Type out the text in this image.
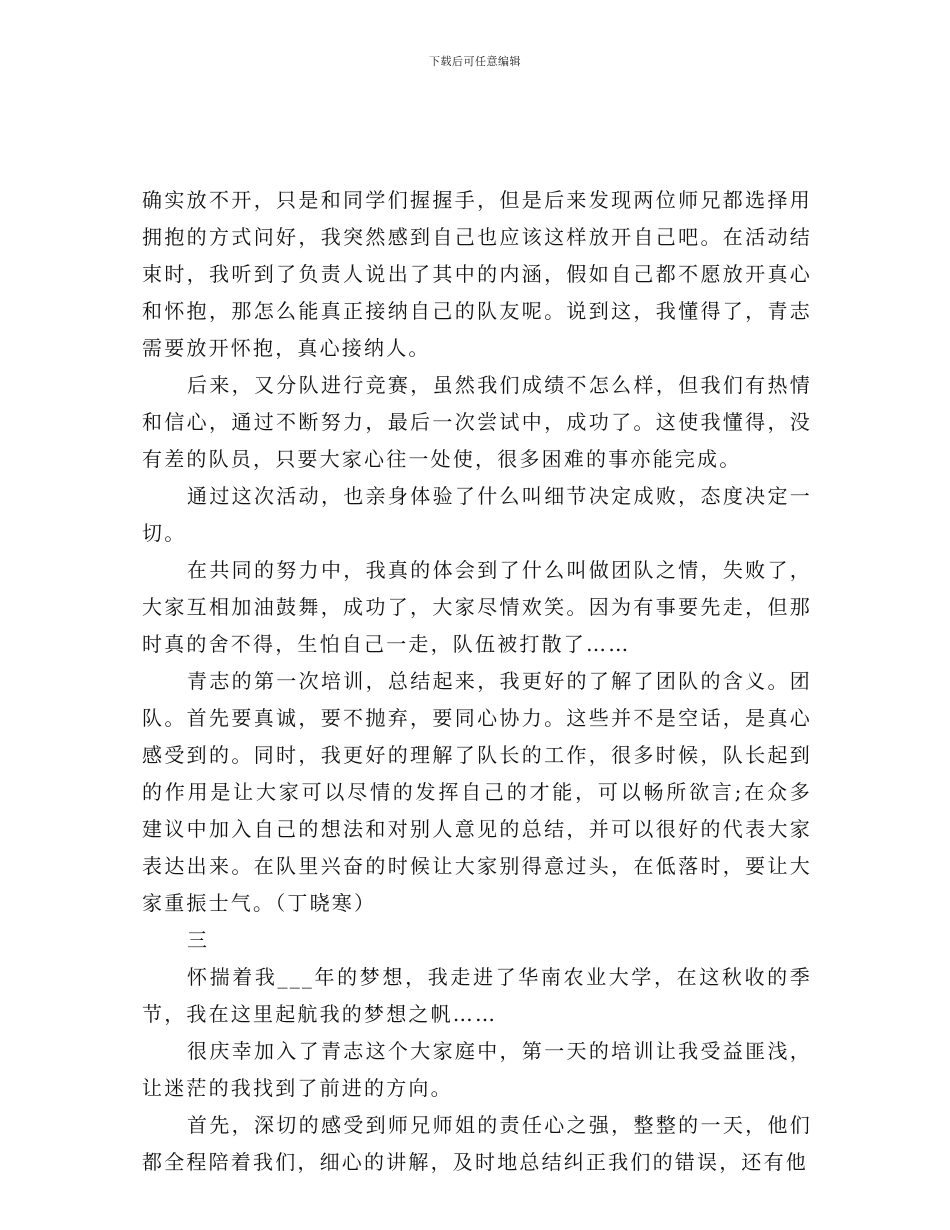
下载后可任意编辑

确实放不开，只是和同学们握握手，但是后来发现两位师兄都选择用拥抱的方式问好，我突然感到自己也应该这样放开自己吧。在活动结束时，我听到了负责人说出了其中的内涵，假如自己都不愿放开真心和怀抱，那怎么能真正接纳自己的队友呢。说到这，我懂得了，青志需要放开怀抱，真心接纳人。

后来，又分队进行竞赛，虽然我们成绩不怎么样，但我们有热情和信心，通过不断努力，最后一次尝试中，成功了。这使我懂得，没有差的队员，只要大家心往一处使，很多困难的事亦能完成。

通过这次活动，也亲身体验了什么叫细节决定成败，态度决定一切。

在共同的努力中，我真的体会到了什么叫做团队之情，失败了，大家互相加油鼓舞，成功了，大家尽情欢笑。因为有事要先走，但那时真的舍不得，生怕自己一走，队伍被打散了……

青志的第一次培训，总结起来，我更好的了解了团队的含义。团队。首先要真诚，要不抛弃，要同心协力。这些并不是空话，是真心感受到的。同时，我更好的理解了队长的工作，很多时候，队长起到的作用是让大家可以尽情的发挥自己的才能，可以畅所欲言;在众多建议中加入自己的想法和对别人意见的总结，并可以很好的代表大家表达出来。在队里兴奋的时候让大家别得意过头，在低落时，要让大家重振士气。（丁晓寒）

三

怀揣着我___年的梦想，我走进了华南农业大学，在这秋收的季节，我在这里起航我的梦想之帆……

很庆幸加入了青志这个大家庭中，第一天的培训让我受益匪浅，让迷茫的我找到了前进的方向。

首先，深切的感受到师兄师姐的责任心之强，整整的一天，他们都全程陪着我们，细心的讲解，及时地总结纠正我们的错误，还有他
